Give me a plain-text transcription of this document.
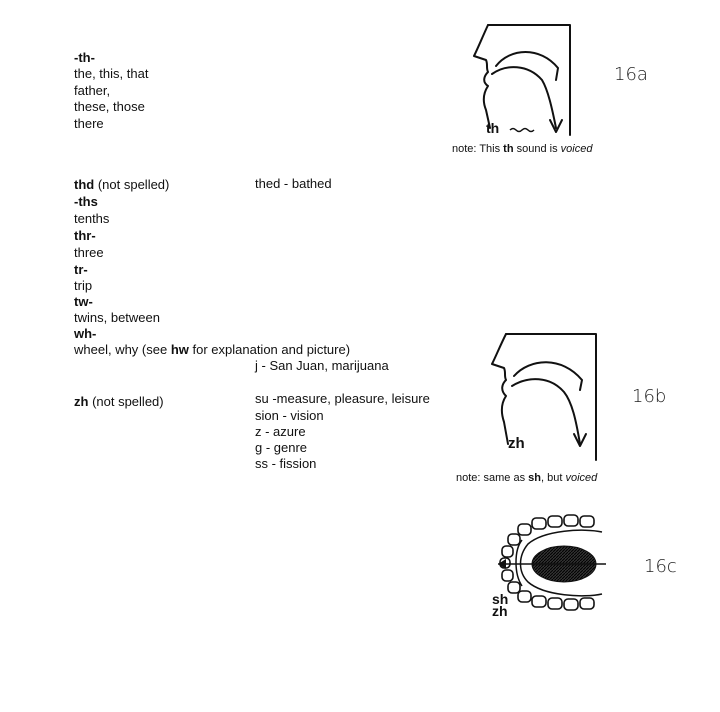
-th-
the, this, that
father,
these, those
there	th
note: This th sound is voiced
16a
thd (not spelled)	thed - bathed
-ths
tenths
thr-
three
tr-
trip
tw-
twins, between
wh-
wheel, why (see hw for explanation and picture)
j - San Juan, marijuana
zh (not spelled)	su -measure, pleasure, leisure
sion - vision
z - azure
g - genre
ss - fission
zh
note: same as sh, but voiced
16b
sh
zh
16c
